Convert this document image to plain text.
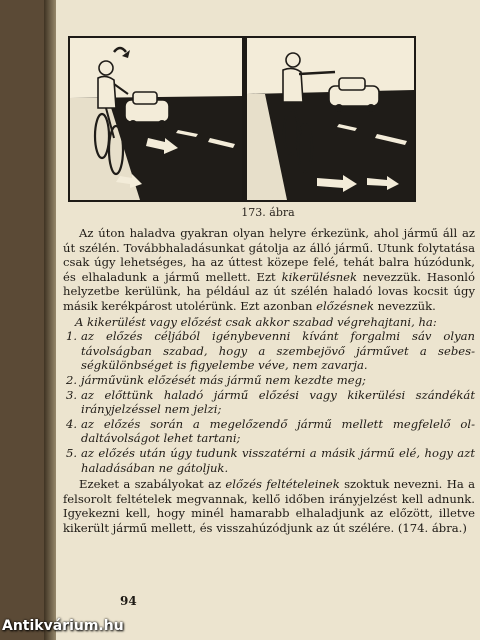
173. ábra

Az úton haladva gyakran olyan helyre érkezünk, ahol jármű áll az út szélén. Továbbhaladásunkat gátolja az álló jármű. Utunk folytatása csak úgy lehetséges, ha az úttest közepe felé, tehát balra húzódunk, és elhaladunk a jármű mellett. Ezt kikerülésnek nevezzük. Hasonló helyzetbe kerülünk, ha például az út szélén haladó lovas kocsit úgy másik kerékpárost utolérünk. Ezt azonban előzésnek nevezzük.

A kikerülést vagy előzést csak akkor szabad végrehajtani, ha:

1. az előzés céljából igénybevenni kívánt forgalmi sáv olyan távolságban szabad, hogy a szembejövő járművet a sebességkülönbséget is figyelembe véve, nem zavarja.
2. járművünk előzését más jármű nem kezdte meg;
3. az előttünk haladó jármű előzési vagy kikerülési szándékát irányjelzéssel nem jelzi;
4. az előzés során a megelőzendő jármű mellett megfelelő oldaltávolságot lehet tartani;
5. az előzés után úgy tudunk visszatérni a másik jármű elé, hogy azt haladásában ne gátoljuk.

Ezeket a szabályokat az előzés feltételeinek szoktuk nevezni. Ha a felsorolt feltételek megvannak, kellő időben irányjelzést kell adnunk. Igyekezni kell, hogy minél hamarabb elhaladjunk az előzött, illetve kikerült jármű mellett, és visszahúzódjunk az út szélére. (174. ábra.)

94
Antikvárium.hu
